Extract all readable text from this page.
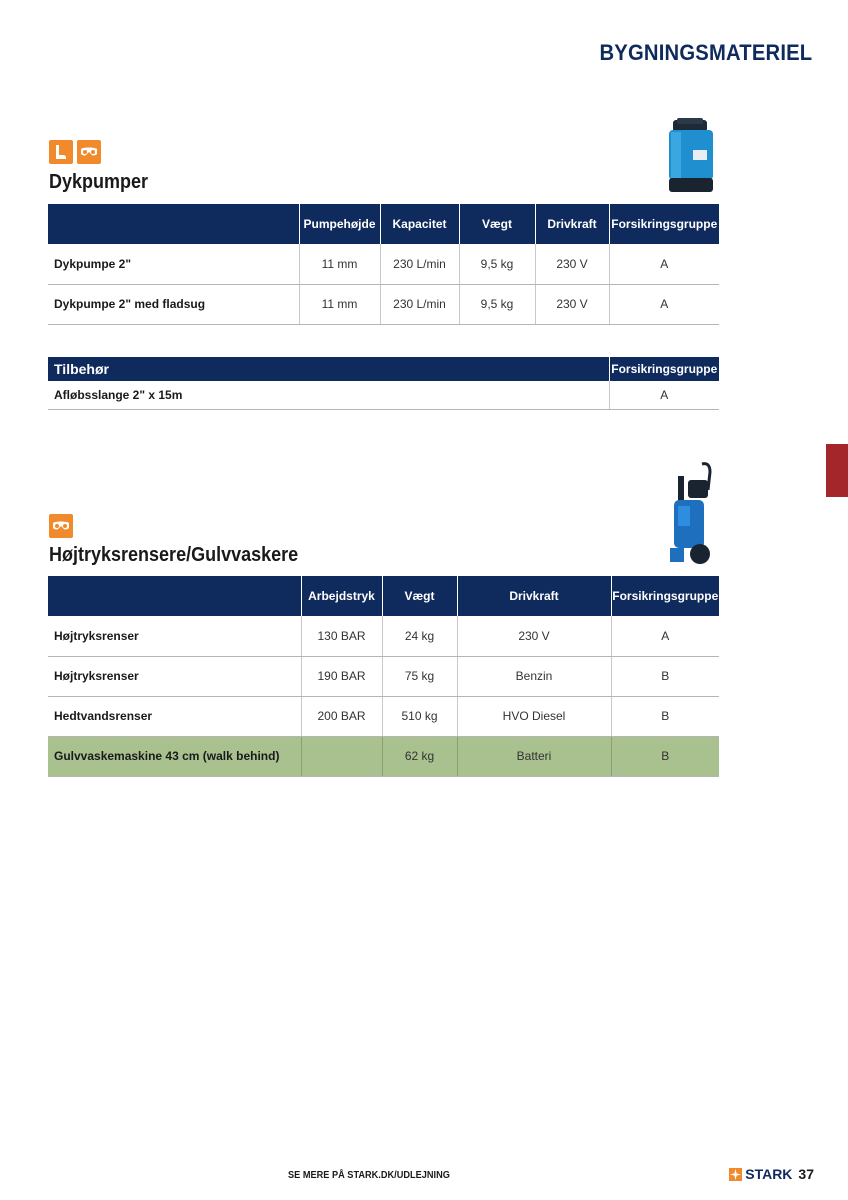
BYGNINGSMATERIEL
Dykpumper
	Pumpehøjde	Kapacitet	Vægt	Drivkraft	Forsikringsgruppe
Dykpumpe 2"	11 mm	230 L/min	9,5 kg	230 V	A
Dykpumpe 2" med fladsug	11 mm	230 L/min	9,5 kg	230 V	A
Tilbehør	Forsikringsgruppe
Afløbsslange 2" x 15m	A
Højtryksrensere/Gulvvaskere
	Arbejdstryk	Vægt	Drivkraft	Forsikringsgruppe
Højtryksrenser	130 BAR	24 kg	230 V	A
Højtryksrenser	190 BAR	75 kg	Benzin	B
Hedtvandsrenser	200 BAR	510 kg	HVO Diesel	B
Gulvvaskemaskine 43 cm (walk behind)		62 kg	Batteri	B
SE MERE PÅ STARK.DK/UDLEJNING	STARK 37
